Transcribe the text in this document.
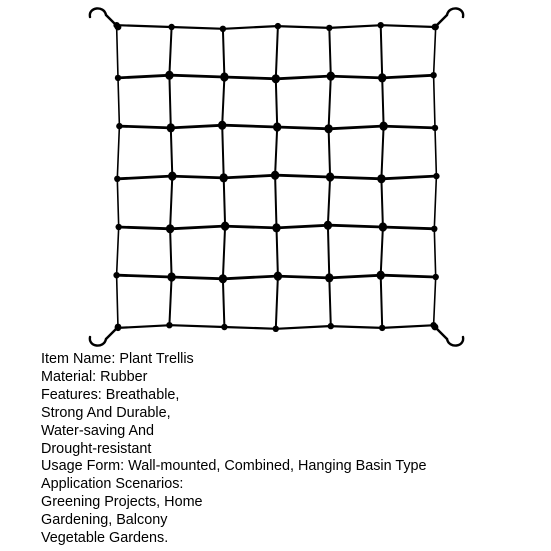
Item Name: Plant Trellis
Material: Rubber
Features: Breathable,
Strong And Durable,
Water-saving And
Drought-resistant
Usage Form: Wall-mounted, Combined, Hanging Basin Type
Application Scenarios:
Greening Projects, Home
Gardening, Balcony
Vegetable Gardens.
